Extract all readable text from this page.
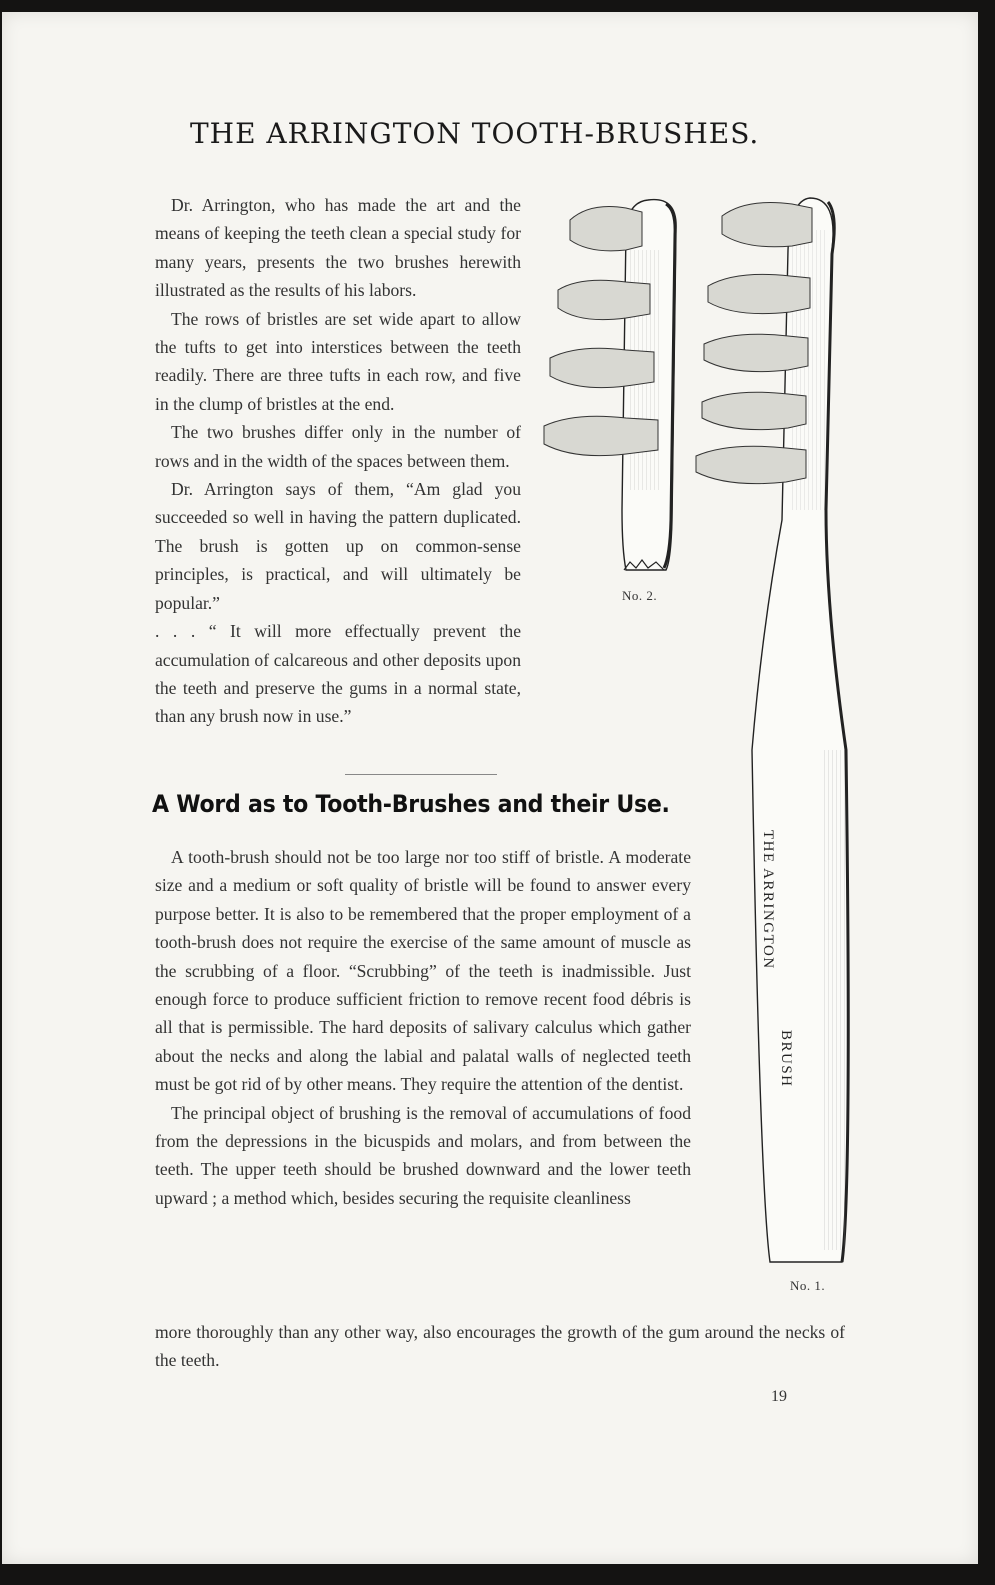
THE ARRINGTON TOOTH-BRUSHES.

Dr. Arrington, who has made the art and the means of keeping the teeth clean a special study for many years, presents the two brushes herewith illustrated as the results of his labors.

The rows of bristles are set wide apart to allow the tufts to get into interstices between the teeth readily. There are three tufts in each row, and five in the clump of bristles at the end.

The two brushes differ only in the number of rows and in the width of the spaces between them.

Dr. Arrington says of them, “Am glad you succeeded so well in having the pattern duplicated. The brush is gotten up on common-sense principles, is practical, and will ultimately be popular.”

. . . “ It will more effectually prevent the accumulation of calcareous and other deposits upon the teeth and preserve the gums in a normal state, than any brush now in use.”

A Word as to Tooth-Brushes and their Use.

A tooth-brush should not be too large nor too stiff of bristle. A moderate size and a medium or soft quality of bristle will be found to answer every purpose better. It is also to be remembered that the proper employment of a tooth-brush does not require the exercise of the same amount of muscle as the scrubbing of a floor. “Scrubbing” of the teeth is inadmissible. Just enough force to produce sufficient friction to remove recent food débris is all that is permissible. The hard deposits of salivary calculus which gather about the necks and along the labial and palatal walls of neglected teeth must be got rid of by other means. They require the attention of the dentist.

The principal object of brushing is the removal of accumulations of food from the depressions in the bicuspids and molars, and from between the teeth. The upper teeth should be brushed downward and the lower teeth upward ; a method which, besides securing the requisite cleanliness

more thoroughly than any other way, also encourages the growth of the gum around the necks of the teeth.

No. 2.
THE ARRINGTON
BRUSH
No. 1.
19
